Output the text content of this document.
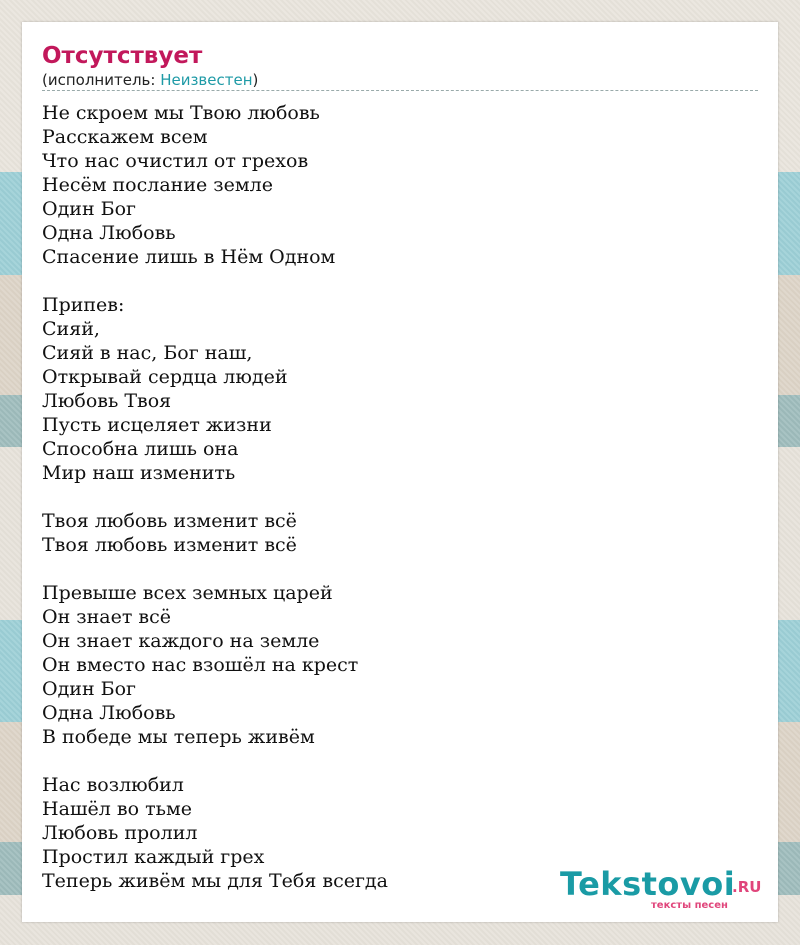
Отсутствует
(исполнитель: Неизвестен)
Не скроем мы Твою любовь
Расскажем всем
Что нас очистил от грехов
Несём послание земле
Один Бог
Одна Любовь
Спасение лишь в Нём Одном
Припев:
Сияй,
Сияй в нас, Бог наш,
Открывай сердца людей
Любовь Твоя
Пусть исцеляет жизни
Способна лишь она
Мир наш изменить
Твоя любовь изменит всё
Твоя любовь изменит всё
Превыше всех земных царей
Он знает всё
Он знает каждого на земле
Он вместо нас взошёл на крест
Один Бог
Одна Любовь
В победе мы теперь живём
Нас возлюбил
Нашёл во тьме
Любовь пролил
Простил каждый грех
Теперь живём мы для Тебя всегда	Tekstovoi
.RU
тексты песен
